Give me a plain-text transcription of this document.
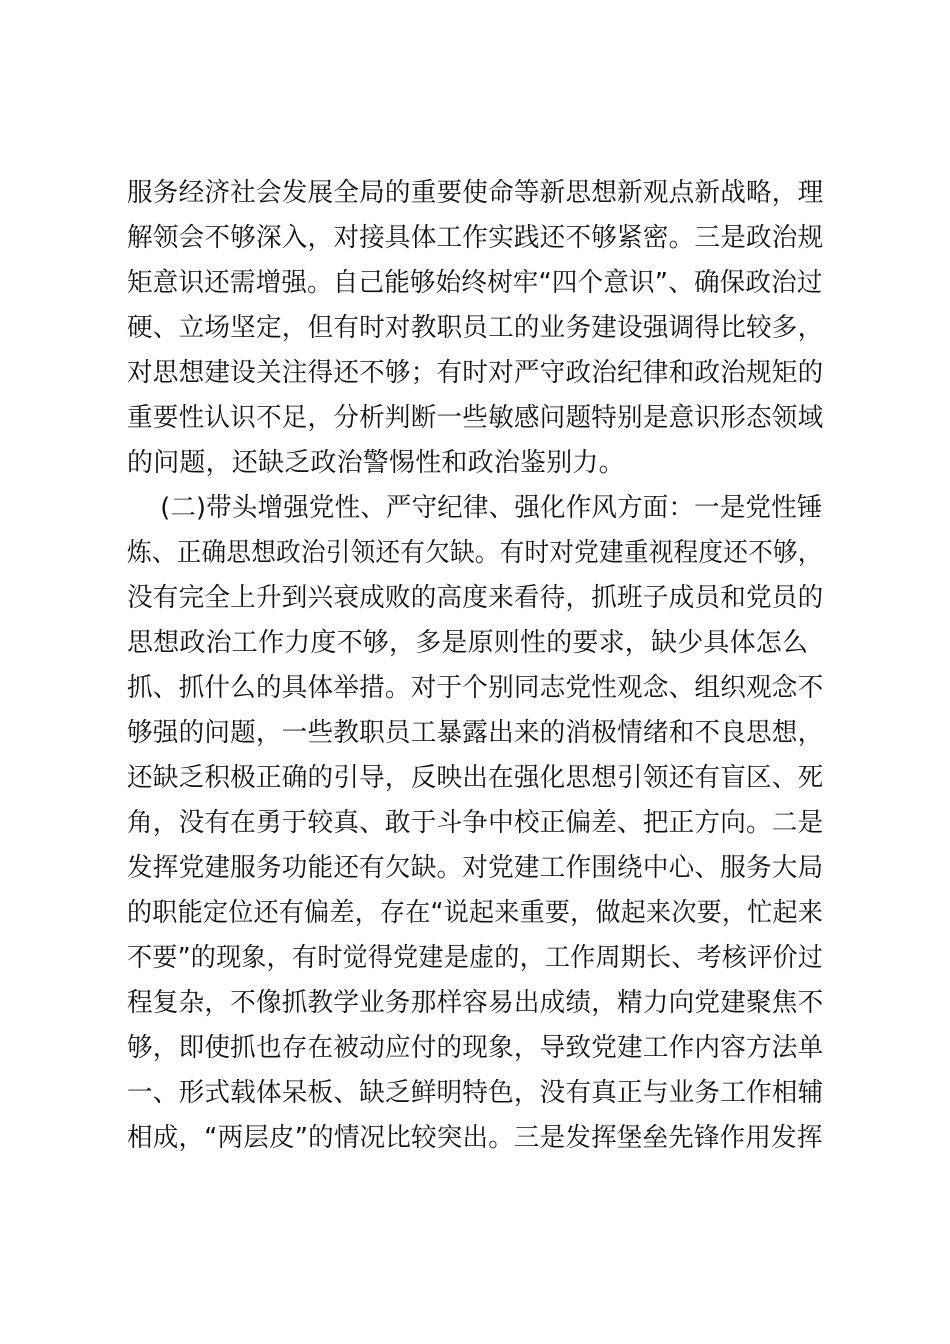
服务经济社会发展全局的重要使命等新思想新观点新战略，理
解领会不够深入，对接具体工作实践还不够紧密。三是政治规
矩意识还需增强。自己能够始终树牢“四个意识”、确保政治过
硬、立场坚定，但有时对教职员工的业务建设强调得比较多，
对思想建设关注得还不够；有时对严守政治纪律和政治规矩的
重要性认识不足，分析判断一些敏感问题特别是意识形态领域
的问题，还缺乏政治警惕性和政治鉴别力。
(二)带头增强党性、严守纪律、强化作风方面：一是党性锤
炼、正确思想政治引领还有欠缺。有时对党建重视程度还不够，
没有完全上升到兴衰成败的高度来看待，抓班子成员和党员的
思想政治工作力度不够，多是原则性的要求，缺少具体怎么
抓、抓什么的具体举措。对于个别同志党性观念、组织观念不
够强的问题，一些教职员工暴露出来的消极情绪和不良思想，
还缺乏积极正确的引导，反映出在强化思想引领还有盲区、死
角，没有在勇于较真、敢于斗争中校正偏差、把正方向。二是
发挥党建服务功能还有欠缺。对党建工作围绕中心、服务大局
的职能定位还有偏差，存在“说起来重要，做起来次要，忙起来
不要”的现象，有时觉得党建是虚的，工作周期长、考核评价过
程复杂，不像抓教学业务那样容易出成绩，精力向党建聚焦不
够，即使抓也存在被动应付的现象，导致党建工作内容方法单
一、形式载体呆板、缺乏鲜明特色，没有真正与业务工作相辅
相成，“两层皮”的情况比较突出。三是发挥堡垒先锋作用发挥
